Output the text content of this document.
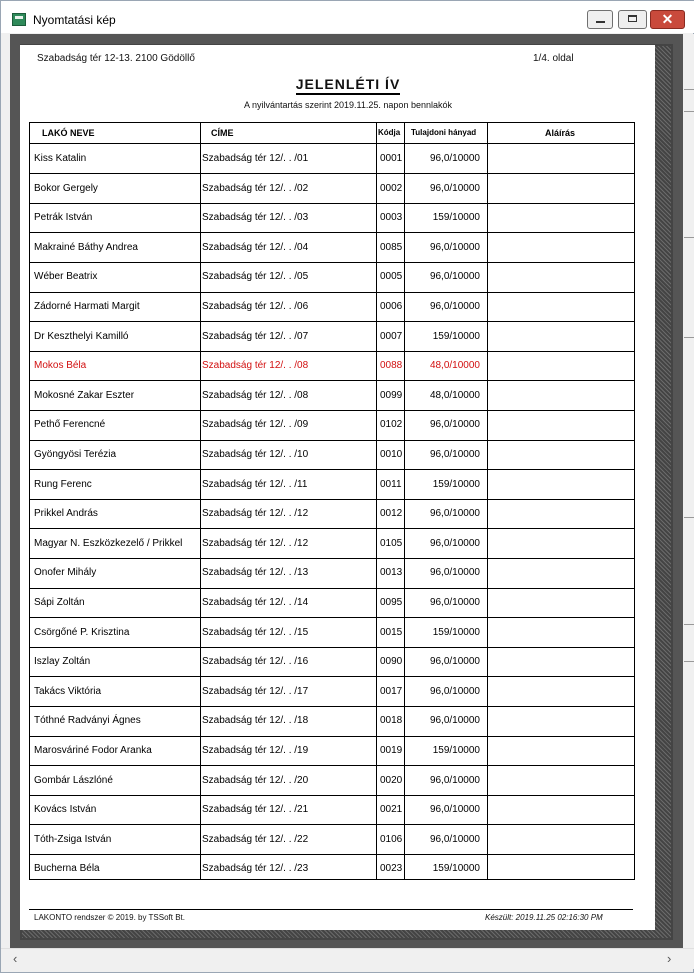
Nyomtatási kép	✕
‹	›
Szabadság tér 12-13. 2100 Gödöllő	1/4. oldal
JELENLÉTI ÍV
A nyilvántartás szerint 2019.11.25. napon bennlakók
LAKÓ NEVE	CÍME	Kódja Tulajdoni hányad	Aláírás
Kiss Katalin	Szabadság tér 12/. . /01	0001	96,0/10000
Bokor Gergely	Szabadság tér 12/. . /02	0002	96,0/10000
Petrák István	Szabadság tér 12/. . /03	0003	159/10000
Makrainé Báthy Andrea	Szabadság tér 12/. . /04	0085	96,0/10000
Wéber Beatrix	Szabadság tér 12/. . /05	0005	96,0/10000
Zádorné Harmati Margit	Szabadság tér 12/. . /06	0006	96,0/10000
Dr Keszthelyi Kamilló	Szabadság tér 12/. . /07	0007	159/10000
Mokos Béla	Szabadság tér 12/. . /08	0088	48,0/10000
Mokosné Zakar Eszter	Szabadság tér 12/. . /08	0099	48,0/10000
Pethő Ferencné	Szabadság tér 12/. . /09	0102	96,0/10000
Gyöngyösi Terézia	Szabadság tér 12/. . /10	0010	96,0/10000
Rung Ferenc	Szabadság tér 12/. . /11	0011	159/10000
Prikkel András	Szabadság tér 12/. . /12	0012	96,0/10000
Magyar N. Eszközkezelő / Prikkel	Szabadság tér 12/. . /12	0105	96,0/10000
Onofer Mihály	Szabadság tér 12/. . /13	0013	96,0/10000
Sápi Zoltán	Szabadság tér 12/. . /14	0095	96,0/10000
Csörgőné P. Krisztina	Szabadság tér 12/. . /15	0015	159/10000
Iszlay Zoltán	Szabadság tér 12/. . /16	0090	96,0/10000
Takács Viktória	Szabadság tér 12/. . /17	0017	96,0/10000
Tóthné Radványi Ágnes	Szabadság tér 12/. . /18	0018	96,0/10000
Marosváriné Fodor Aranka	Szabadság tér 12/. . /19	0019	159/10000
Gombár Lászlóné	Szabadság tér 12/. . /20	0020	96,0/10000
Kovács István	Szabadság tér 12/. . /21	0021	96,0/10000
Tóth-Zsiga István	Szabadság tér 12/. . /22	0106	96,0/10000
Bucherna Béla	Szabadság tér 12/. . /23	0023	159/10000
LAKONTO rendszer © 2019. by TSSoft Bt.	Készült: 2019.11.25 02:16:30 PM
